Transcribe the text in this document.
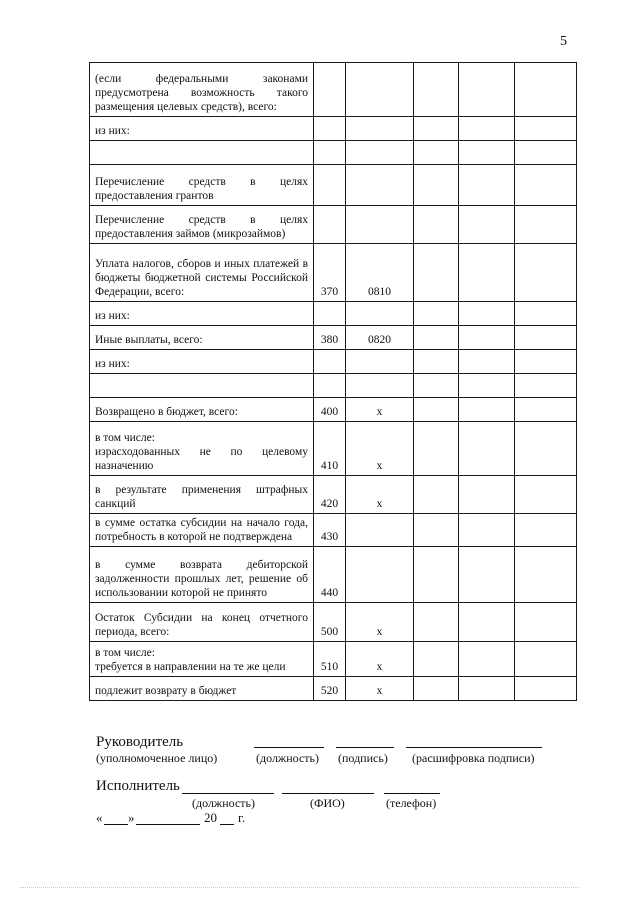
5
(если федеральными законами предусмотрена возможность такого размещения целевых средств), всего:					
из них:					

Перечисление средств в целях предоставления грантов					
Перечисление средств в целях предоставления займов (микрозаймов)					
Уплата налогов, сборов и иных платежей в бюджеты бюджетной системы Российской Федерации, всего:	370	0810			
из них:					
Иные выплаты, всего:	380	0820			
из них:					

Возвращено в бюджет, всего:	400	x			
в том числе:
израсходованных не по целевому назначению	410	x			
в результате применения штрафных санкций	420	x			
в сумме остатка субсидии на начало года, потребность в которой не подтверждена	430				
в сумме возврата дебиторской задолженности прошлых лет, решение об использовании которой не принято	440				
Остаток Субсидии на конец отчетного периода, всего:	500	x			
в том числе:
требуется в направлении на те же цели	510	x			
подлежит возврату в бюджет	520	x			
Руководитель
(уполномоченное лицо)	(должность) (подпись) (расшифровка подписи)
Исполнитель
(должность)	(ФИО)	(телефон)
« »	20 г.
